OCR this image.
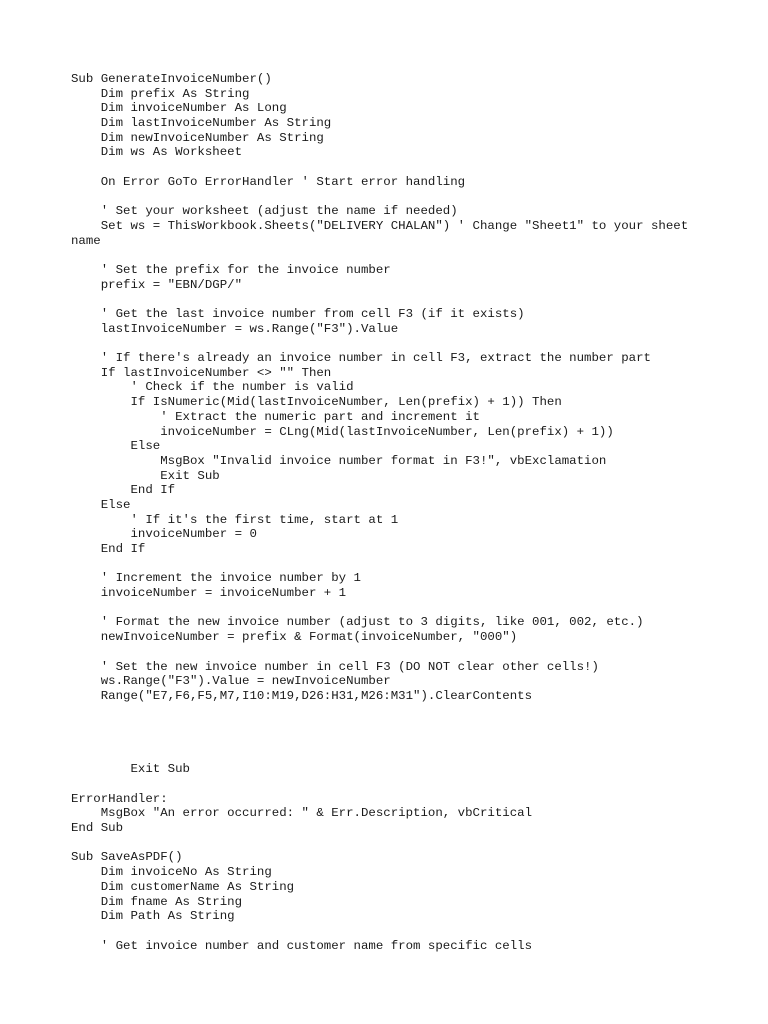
Sub GenerateInvoiceNumber()
Dim prefix As String
Dim invoiceNumber As Long
Dim lastInvoiceNumber As String
Dim newInvoiceNumber As String
Dim ws As Worksheet
On Error GoTo ErrorHandler ' Start error handling
' Set your worksheet (adjust the name if needed)
Set ws = ThisWorkbook.Sheets("DELIVERY CHALAN") ' Change "Sheet1" to your sheet
name
' Set the prefix for the invoice number
prefix = "EBN/DGP/"
' Get the last invoice number from cell F3 (if it exists)
lastInvoiceNumber = ws.Range("F3").Value
' If there's already an invoice number in cell F3, extract the number part
If lastInvoiceNumber <> "" Then
' Check if the number is valid
If IsNumeric(Mid(lastInvoiceNumber, Len(prefix) + 1)) Then
' Extract the numeric part and increment it
invoiceNumber = CLng(Mid(lastInvoiceNumber, Len(prefix) + 1))
Else
MsgBox "Invalid invoice number format in F3!", vbExclamation
Exit Sub
End If
Else
' If it's the first time, start at 1
invoiceNumber = 0
End If
' Increment the invoice number by 1
invoiceNumber = invoiceNumber + 1
' Format the new invoice number (adjust to 3 digits, like 001, 002, etc.)
newInvoiceNumber = prefix & Format(invoiceNumber, "000")
' Set the new invoice number in cell F3 (DO NOT clear other cells!)
ws.Range("F3").Value = newInvoiceNumber
Range("E7,F6,F5,M7,I10:M19,D26:H31,M26:M31").ClearContents
Exit Sub
ErrorHandler:
MsgBox "An error occurred: " & Err.Description, vbCritical
End Sub
Sub SaveAsPDF()
Dim invoiceNo As String
Dim customerName As String
Dim fname As String
Dim Path As String
' Get invoice number and customer name from specific cells
